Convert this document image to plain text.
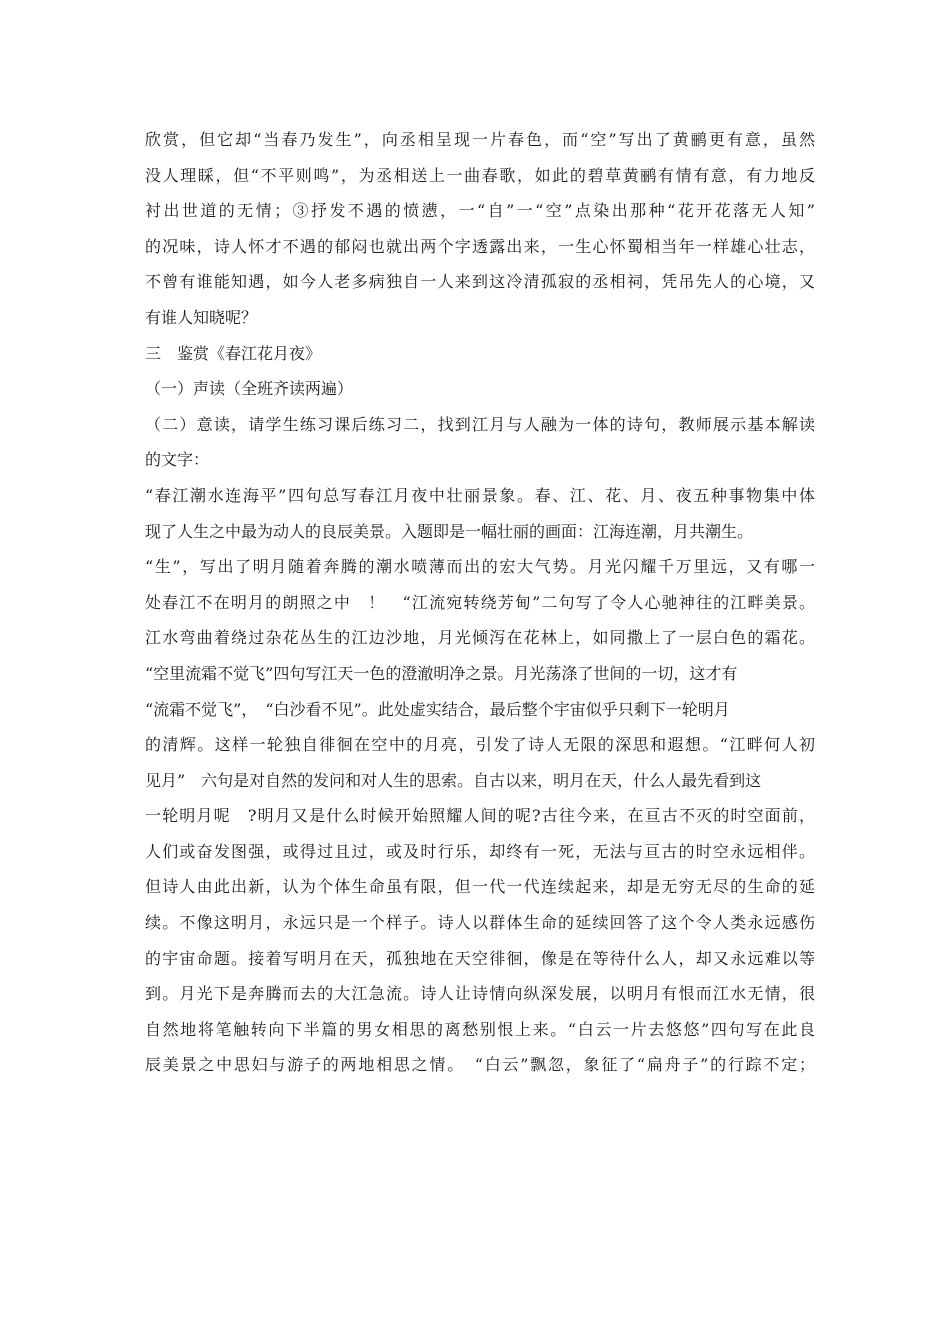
欣赏，但它却“当春乃发生”，向丞相呈现一片春色，而“空”写出了黄鹂更有意，虽然
没人理睬，但“不平则鸣”，为丞相送上一曲春歌，如此的碧草黄鹂有情有意，有力地反
衬出世道的无情；③抒发不遇的愤懑，一“自”一“空”点染出那种“花开花落无人知”
的况味，诗人怀才不遇的郁闷也就出两个字透露出来，一生心怀蜀相当年一样雄心壮志，
不曾有谁能知遇，如今人老多病独自一人来到这冷清孤寂的丞相祠，凭吊先人的心境，又
有谁人知晓呢？
三　鉴赏《春江花月夜》
（一）声读（全班齐读两遍）
（二）意读，请学生练习课后练习二，找到江月与人融为一体的诗句，教师展示基本解读
的文字：
“春江潮水连海平”四句总写春江月夜中壮丽景象。春、江、花、月、夜五种事物集中体
现了人生之中最为动人的良辰美景。入题即是一幅壮丽的画面：江海连潮，月共潮生。
“生”，写出了明月随着奔腾的潮水喷薄而出的宏大气势。月光闪耀千万里远，又有哪一
处春江不在明月的朗照之中　！　“江流宛转绕芳甸”二句写了令人心驰神往的江畔美景。
江水弯曲着绕过杂花丛生的江边沙地，月光倾泻在花林上，如同撒上了一层白色的霜花。
“空里流霜不觉飞”四句写江天一色的澄澈明净之景。月光荡涤了世间的一切，这才有
“流霜不觉飞”，　“白沙看不见”。此处虚实结合，最后整个宇宙似乎只剩下一轮明月
的清辉。这样一轮独自徘徊在空中的月亮，引发了诗人无限的深思和遐想。“江畔何人初
见月”　六句是对自然的发问和对人生的思索。自古以来，明月在天，什么人最先看到这
一轮明月呢　?明月又是什么时候开始照耀人间的呢?古往今来，在亘古不灭的时空面前，
人们或奋发图强，或得过且过，或及时行乐，却终有一死，无法与亘古的时空永远相伴。
但诗人由此出新，认为个体生命虽有限，但一代一代连续起来，却是无穷无尽的生命的延
续。不像这明月，永远只是一个样子。诗人以群体生命的延续回答了这个令人类永远感伤
的宇宙命题。接着写明月在天，孤独地在天空徘徊，像是在等待什么人，却又永远难以等
到。月光下是奔腾而去的大江急流。诗人让诗情向纵深发展，以明月有恨而江水无情，很
自然地将笔触转向下半篇的男女相思的离愁别恨上来。“白云一片去悠悠”四句写在此良
辰美景之中思妇与游子的两地相思之情。　“白云”飘忽，象征了“扁舟子”的行踪不定；
